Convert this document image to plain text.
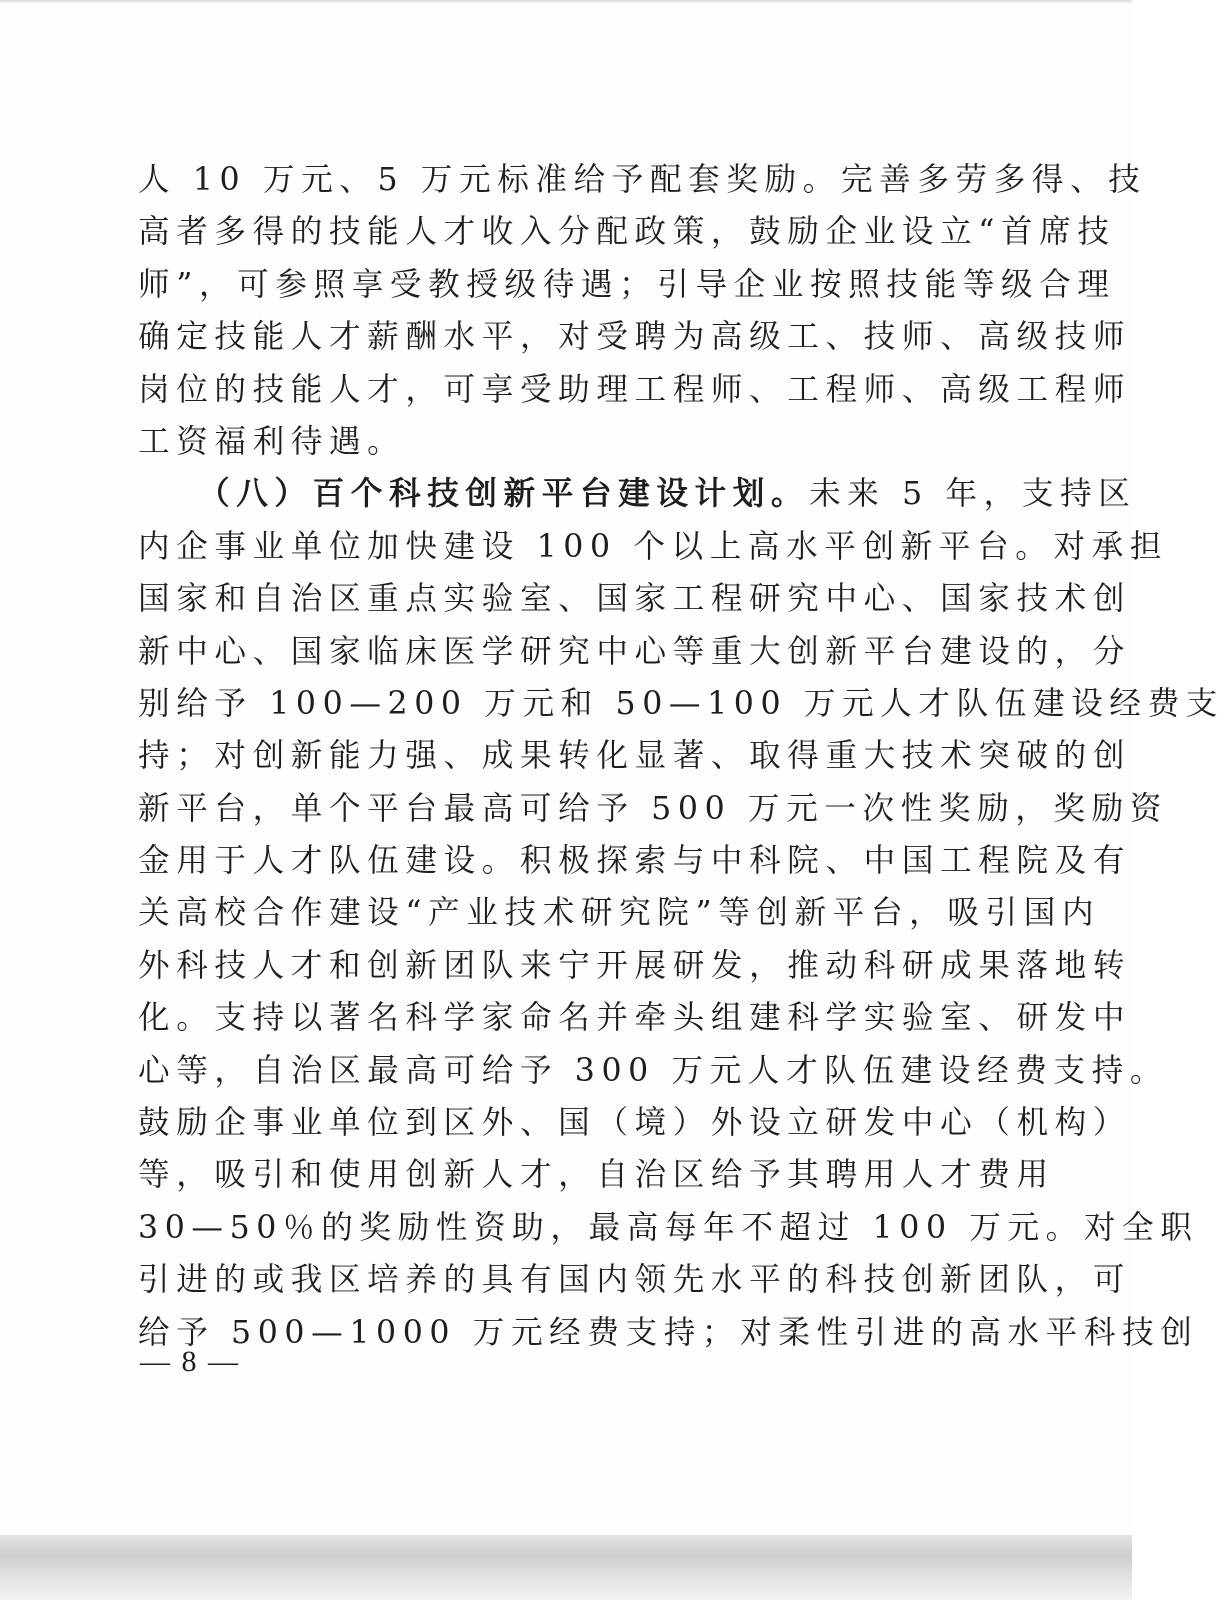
人 10 万元、5 万元标准给予配套奖励。完善多劳多得、技
高者多得的技能人才收入分配政策，鼓励企业设立“首席技
师”，可参照享受教授级待遇；引导企业按照技能等级合理
确定技能人才薪酬水平，对受聘为高级工、技师、高级技师
岗位的技能人才，可享受助理工程师、工程师、高级工程师
工资福利待遇。
（八）百个科技创新平台建设计划。未来 5 年，支持区
内企事业单位加快建设 100 个以上高水平创新平台。对承担
国家和自治区重点实验室、国家工程研究中心、国家技术创
新中心、国家临床医学研究中心等重大创新平台建设的，分
别给予 100—200 万元和 50—100 万元人才队伍建设经费支
持；对创新能力强、成果转化显著、取得重大技术突破的创
新平台，单个平台最高可给予 500 万元一次性奖励，奖励资
金用于人才队伍建设。积极探索与中科院、中国工程院及有
关高校合作建设“产业技术研究院”等创新平台，吸引国内
外科技人才和创新团队来宁开展研发，推动科研成果落地转
化。支持以著名科学家命名并牵头组建科学实验室、研发中
心等，自治区最高可给予 300 万元人才队伍建设经费支持。
鼓励企事业单位到区外、国（境）外设立研发中心（机构）
等，吸引和使用创新人才，自治区给予其聘用人才费用
30—50％的奖励性资助，最高每年不超过 100 万元。对全职
引进的或我区培养的具有国内领先水平的科技创新团队，可
给予 500—1000 万元经费支持；对柔性引进的高水平科技创
— 8 —
